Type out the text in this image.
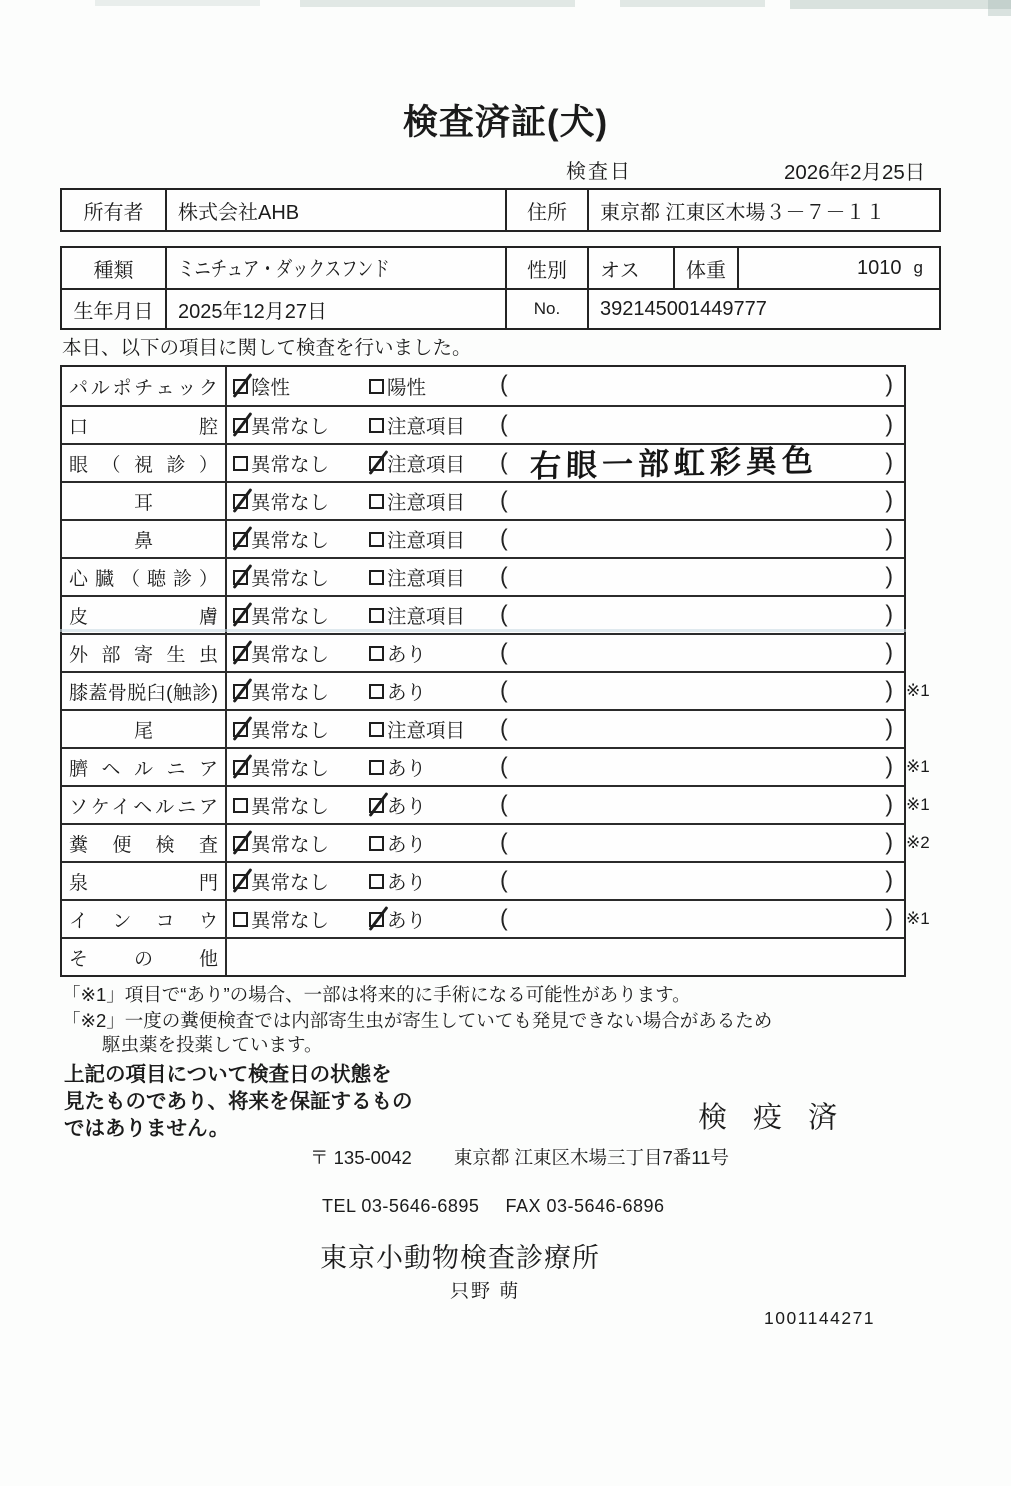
検査済証(犬)
検査日	2026年2月25日
所有者	株式会社AHB	住所	東京都 江東区木場３－７－１１
種類	ミニチュア・ダックスフンド	性別	オス	体重	1010 g
生年月日	2025年12月27日	No.	392145001449777
本日、以下の項目に関して検査を行いました。
パルポチェック 陰性	陽性	(	)
口腔 異常なし	注意項目 (	)
眼（視診） 異常なし	注意項目 ( 右眼一部虹彩異色	)
耳	異常なし	注意項目 (	)
鼻	異常なし	注意項目 (	)
心臓（聴診） 異常なし	注意項目 (	)
皮膚 異常なし	注意項目 (	)
外部寄生虫 異常なし	あり	(	)
膝蓋骨脱臼(触診) 異常なし	あり	(	) ※1
尾	異常なし	注意項目 (	)
臍ヘルニア 異常なし	あり	(	) ※1
ソケイヘルニア 異常なし	あり	(	) ※1
糞便検査 異常なし	あり	(	) ※2
泉門 異常なし	あり	(	)
インコウ 異常なし	あり	(	) ※1
その他
「※1」項目で“あり”の場合、一部は将来的に手術になる可能性があります。
「※2」一度の糞便検査では内部寄生虫が寄生していても発見できない場合があるため
駆虫薬を投薬しています。
上記の項目について検査日の状態を
見たものであり、将来を保証するもの
ではありません。	検 疫 済
〒 135-0042 東京都 江東区木場三丁目7番11号
TEL 03-5646-6895 FAX 03-5646-6896
東京小動物検査診療所
只野 萌
1001144271
